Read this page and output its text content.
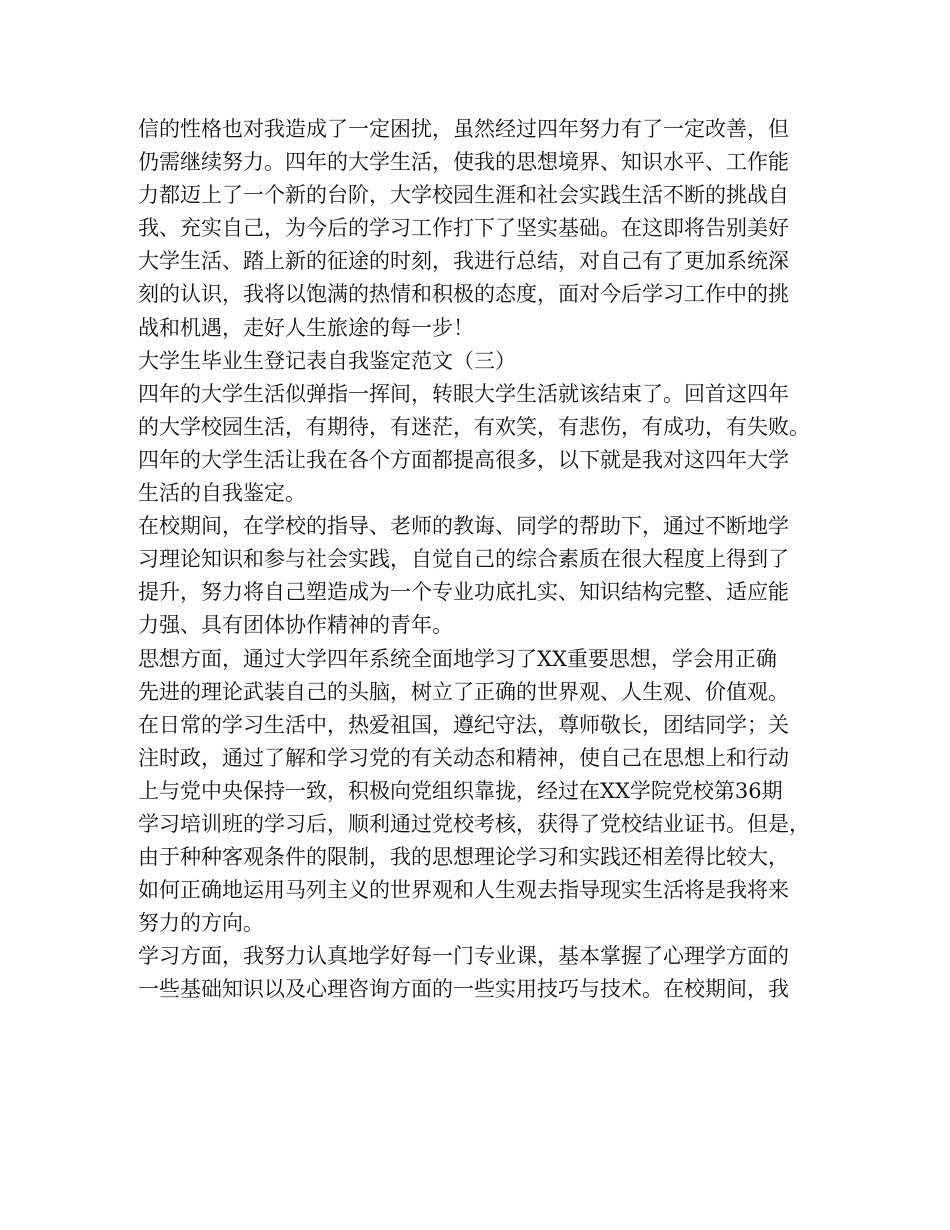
信的性格也对我造成了一定困扰，虽然经过四年努力有了一定改善，但
仍需继续努力。四年的大学生活，使我的思想境界、知识水平、工作能
力都迈上了一个新的台阶，大学校园生涯和社会实践生活不断的挑战自
我、充实自己，为今后的学习工作打下了坚实基础。在这即将告别美好
大学生活、踏上新的征途的时刻，我进行总结，对自己有了更加系统深
刻的认识，我将以饱满的热情和积极的态度，面对今后学习工作中的挑
战和机遇，走好人生旅途的每一步！
大学生毕业生登记表自我鉴定范文（三）
四年的大学生活似弹指一挥间，转眼大学生活就该结束了。回首这四年
的大学校园生活，有期待，有迷茫，有欢笑，有悲伤，有成功，有失败。
四年的大学生活让我在各个方面都提高很多，以下就是我对这四年大学
生活的自我鉴定。
在校期间，在学校的指导、老师的教诲、同学的帮助下，通过不断地学
习理论知识和参与社会实践，自觉自己的综合素质在很大程度上得到了
提升，努力将自己塑造成为一个专业功底扎实、知识结构完整、适应能
力强、具有团体协作精神的青年。
思想方面，通过大学四年系统全面地学习了XX重要思想，学会用正确
先进的理论武装自己的头脑，树立了正确的世界观、人生观、价值观。
在日常的学习生活中，热爱祖国，遵纪守法，尊师敬长，团结同学；关
注时政，通过了解和学习党的有关动态和精神，使自己在思想上和行动
上与党中央保持一致，积极向党组织靠拢，经过在XX学院党校第36期
学习培训班的学习后，顺利通过党校考核，获得了党校结业证书。但是，
由于种种客观条件的限制，我的思想理论学习和实践还相差得比较大，
如何正确地运用马列主义的世界观和人生观去指导现实生活将是我将来
努力的方向。
学习方面，我努力认真地学好每一门专业课，基本掌握了心理学方面的
一些基础知识以及心理咨询方面的一些实用技巧与技术。在校期间，我
